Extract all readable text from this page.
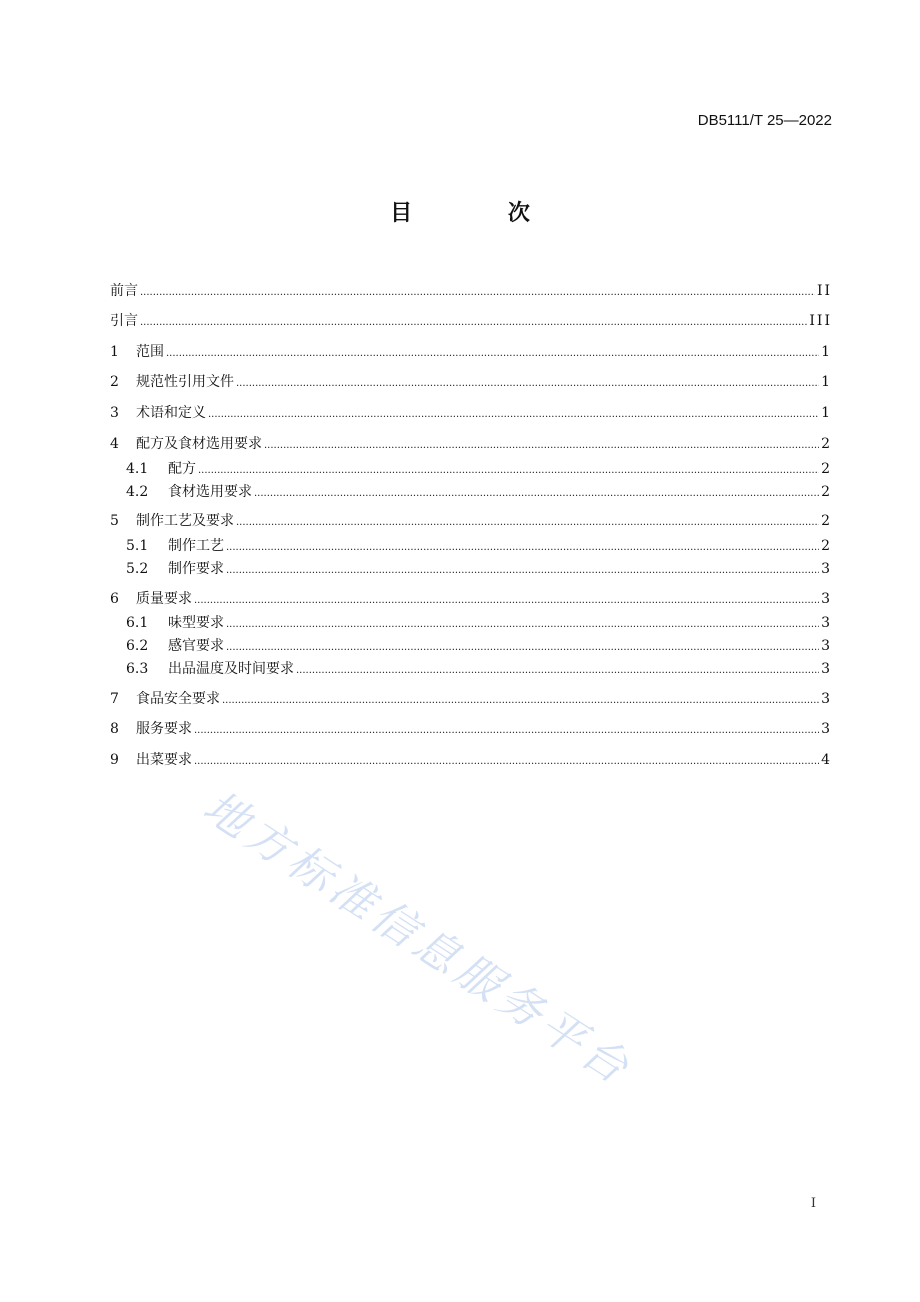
DB5111/T 25—2022
目 次
前言 .....	II
引言 .....	III
1	范围 .....	1
2	规范性引用文件 .....	1
3	术语和定义 .....	1
4	配方及食材选用要求 .....	2
4.1	配方 .....	2
4.2	食材选用要求 .....	2
5	制作工艺及要求 .....	2
5.1	制作工艺 .....	2
5.2	制作要求 .....	3
6	质量要求 .....	3
6.1	味型要求 .....	3
6.2	感官要求 .....	3
6.3	出品温度及时间要求 .....	3
7	食品安全要求 .....	3
8	服务要求 .....	3
9	出菜要求 .....	4
地方标准信息服务平台
I
